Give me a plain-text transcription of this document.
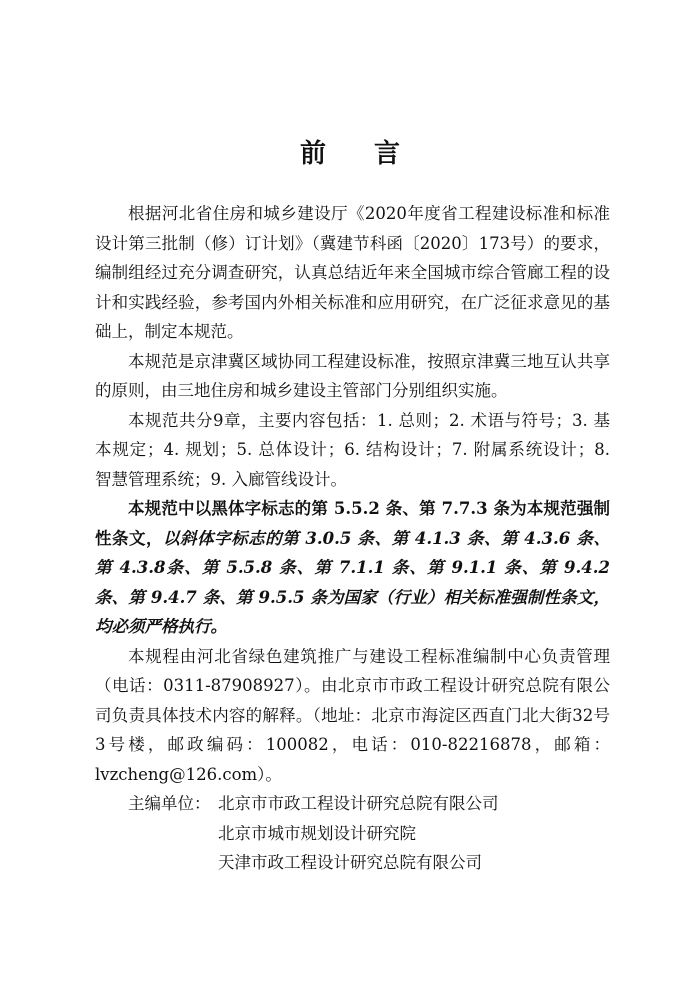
前言

根据河北省住房和城乡建设厅《2020年度省工程建设标准和标准设计第三批制（修）订计划》（冀建节科函〔2020〕173号）的要求，编制组经过充分调查研究，认真总结近年来全国城市综合管廊工程的设计和实践经验，参考国内外相关标准和应用研究，在广泛征求意见的基础上，制定本规范。

本规范是京津冀区域协同工程建设标准，按照京津冀三地互认共享的原则，由三地住房和城乡建设主管部门分别组织实施。

本规范共分9章，主要内容包括：1. 总则；2. 术语与符号；3. 基本规定；4. 规划；5. 总体设计；6. 结构设计；7. 附属系统设计；8. 智慧管理系统；9. 入廊管线设计。

本规范中以黑体字标志的第 5.5.2 条、第 7.7.3 条为本规范强制性条文，以斜体字标志的第 3.0.5 条、第 4.1.3 条、第 4.3.6 条、第 4.3.8条、第 5.5.8 条、第 7.1.1 条、第 9.1.1 条、第 9.4.2 条、第 9.4.7 条、第 9.5.5 条为国家（行业）相关标准强制性条文，均必须严格执行。

本规程由河北省绿色建筑推广与建设工程标准编制中心负责管理（电话：0311-87908927）。由北京市市政工程设计研究总院有限公司负责具体技术内容的解释。（地址：北京市海淀区西直门北大街32号3号楼，邮政编码：100082，电话：010-82216878，邮箱：lvzcheng@126.com）。

主编单位： 北京市市政工程设计研究总院有限公司
北京市城市规划设计研究院
天津市政工程设计研究总院有限公司
